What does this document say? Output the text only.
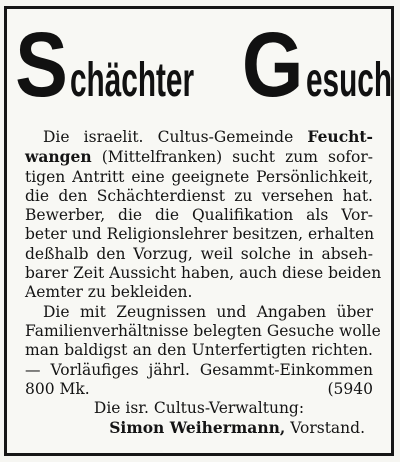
SchächterG esuch
Die israelit. Cultus-Gemeinde Feucht-
wangen (Mittelfranken) sucht zum sofor-
tigen Antritt eine geeignete Persönlichkeit,
die den Schächterdienst zu versehen hat.
Bewerber, die die Qualifikation als Vor-
beter und Religionslehrer besitzen, erhalten
deßhalb den Vorzug, weil solche in abseh-
barer Zeit Aussicht haben, auch diese beiden
Aemter zu bekleiden.
Die mit Zeugnissen und Angaben über
Familienverhältnisse belegten Gesuche wolle
man baldigst an den Unterfertigten richten.
— Vorläufiges jährl. Gesammt-Einkommen
800 Mk.	(5940
Die isr. Cultus-Verwaltung:
Simon Weihermann, Vorstand.
